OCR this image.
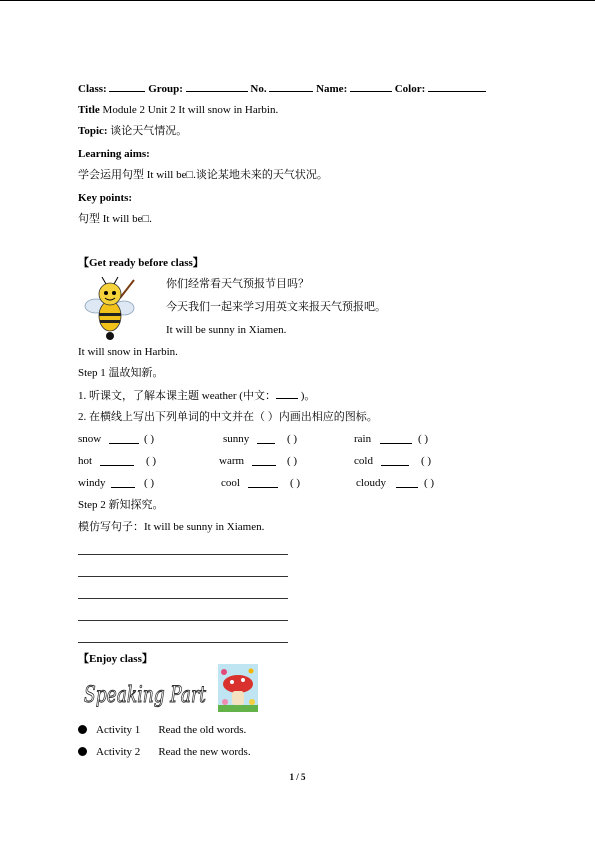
Class:	Group:	No.	Name:	Color:
Title Module 2 Unit 2 It will snow in Harbin.
Topic: 谈论天气情况。
Learning aims:
学会运用句型 It will be□.谈论某地未来的天气状况。
Key points:
句型 It will be□.
【Get ready before class】
你们经常看天气预报节目吗？
今天我们一起来学习用英文来报天气预报吧。
It will be sunny in Xiamen.
It will snow in Harbin.
Step 1 温故知新。
1. 听课文，了解本课主题 weather (中文： )。
2. 在横线上写出下列单词的中文并在（ ）内画出相应的图标。
snow	( )	sunny	( )	rain	( )
hot	( )	warm	( )	cold	( )
windy	( )	cool	( )	cloudy	( )
Step 2 新知探究。
模仿写句子：It will be sunny in Xiamen.
【Enjoy class】
Speaking Part
Activity 1 Read the old words.
Activity 2 Read the new words.
1 / 5
